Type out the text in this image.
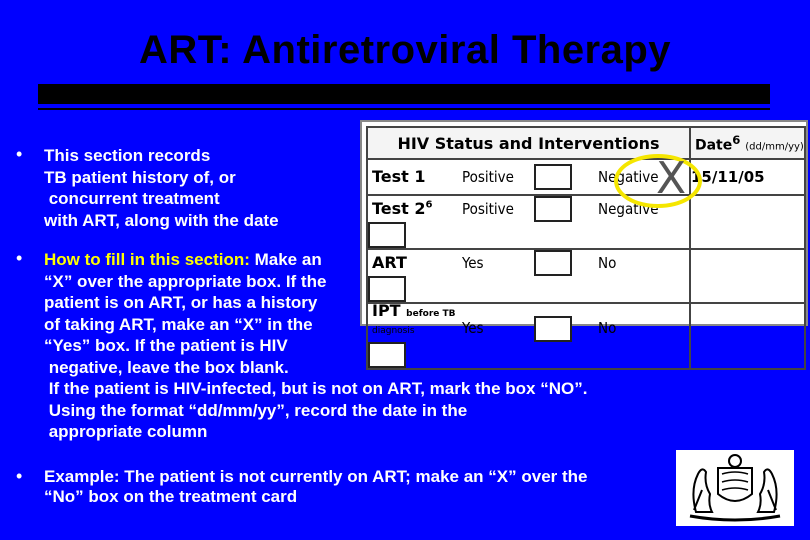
ART: Antiretroviral Therapy
• This section records
TB patient history of, or
concurrent treatment
with ART, along with the date
• How to fill in this section: Make an
“X” over the appropriate box. If the
patient is on ART, or has a history
of taking ART, make an “X” in the
“Yes” box. If the patient is HIV
negative, leave the box blank.
If the patient is HIV-infected, but is not on ART, mark the box “NO”.
Using the format “dd/mm/yy”, record the date in the
appropriate column
• Example: The patient is not currently on ART; make an “X” over the
“No” box on the treatment card
HIV Status and Interventions	Date$^6$ (dd/mm/yy)
Test 1 Positive Negative	15/11/05
Test $2^6$ Positive Negative	
ART Yes No	
IPT before TB
diagnosis Yes No	
X
